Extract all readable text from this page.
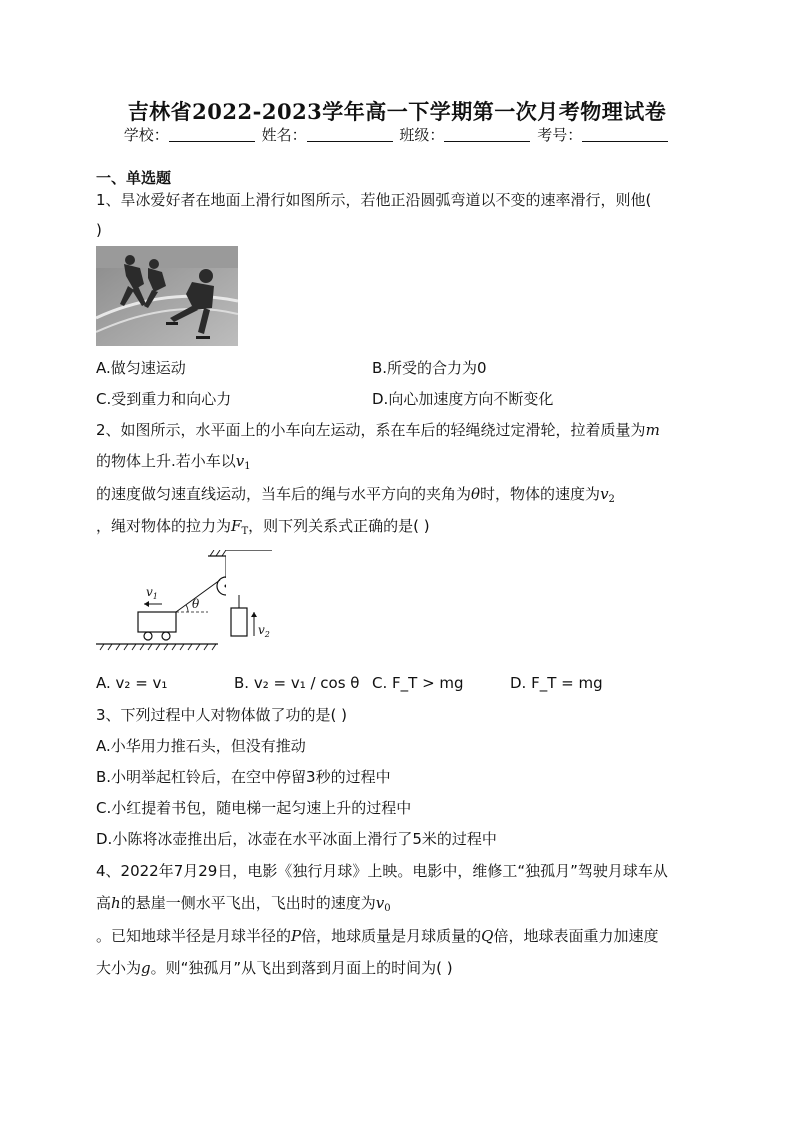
吉林省2022-2023学年高一下学期第一次月考物理试卷
学校：	姓名：	班级：	考号：
一、单选题
1、旱冰爱好者在地面上滑行如图所示，若他正沿圆弧弯道以不变的速率滑行，则他(
)
A.做匀速运动	B.所受的合力为0
C.受到重力和向心力	D.向心加速度方向不断变化
2、如图所示，水平面上的小车向左运动，系在车后的轻绳绕过定滑轮，拉着质量为m
的物体上升.若小车以$v_1$
的速度做匀速直线运动，当车后的绳与水平方向的夹角为θ时，物体的速度为$v_2$
，绳对物体的拉力为$F_T$，则下列关系式正确的是( )
$v_1$
θ
$v_2$
A. v₂ = v₁	B. v₂ = v₁ / cos θ C. F_T > mg	D. F_T = mg
3、下列过程中人对物体做了功的是( )
A.小华用力推石头，但没有推动
B.小明举起杠铃后，在空中停留3秒的过程中
C.小红提着书包，随电梯一起匀速上升的过程中
D.小陈将冰壶推出后，冰壶在水平冰面上滑行了5米的过程中
4、2022年7月29日，电影《独行月球》上映。电影中，维修工“独孤月”驾驶月球车从
高h的悬崖一侧水平飞出，飞出时的速度为$v_0$
。已知地球半径是月球半径的P倍，地球质量是月球质量的Q倍，地球表面重力加速度
大小为g。则“独孤月”从飞出到落到月面上的时间为( )
